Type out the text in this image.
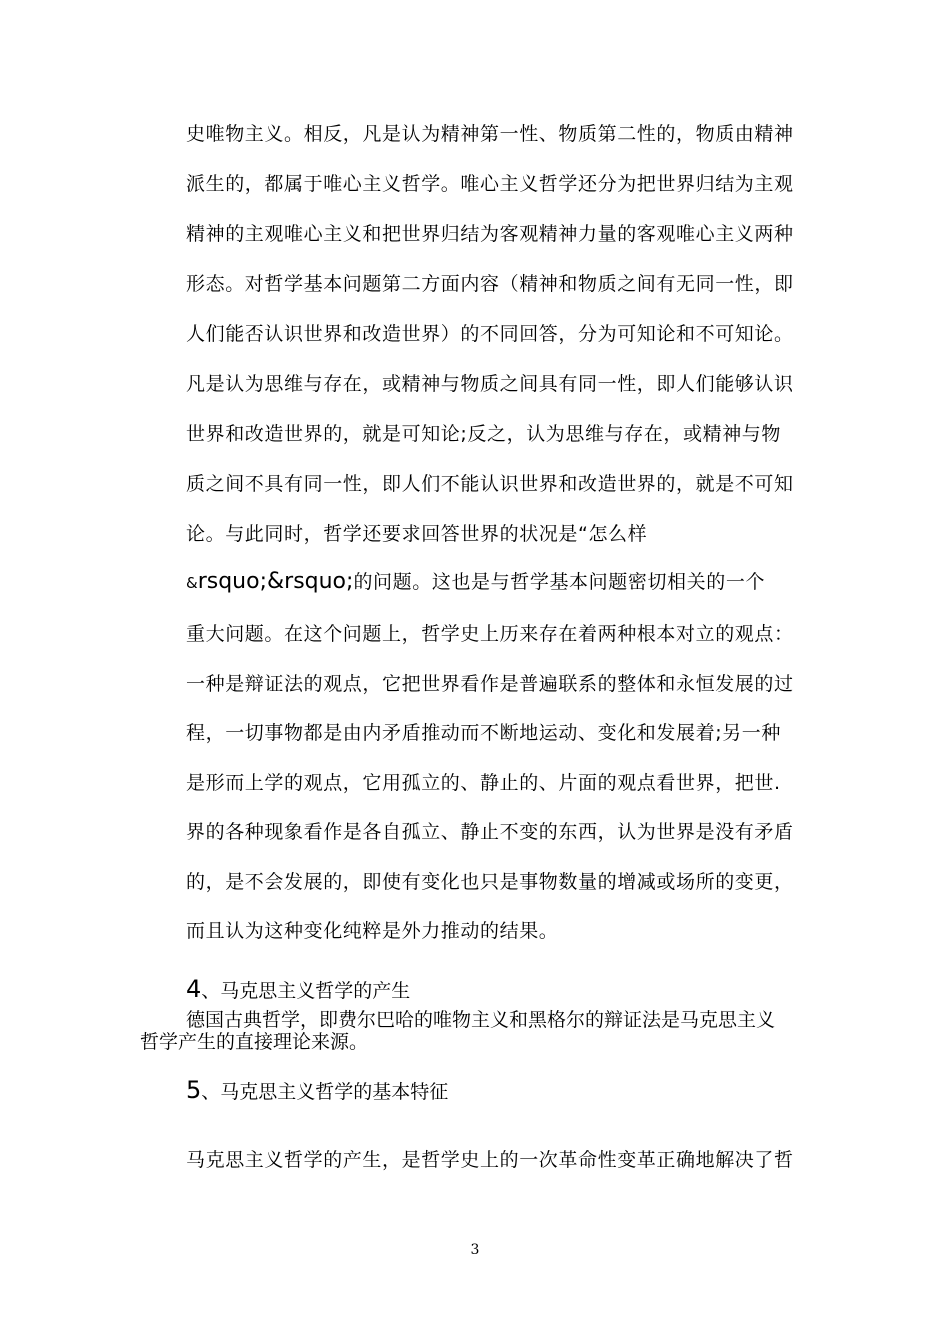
史唯物主义。相反，凡是认为精神第一性、物质第二性的，物质由精神
派生的，都属于唯心主义哲学。唯心主义哲学还分为把世界归结为主观
精神的主观唯心主义和把世界归结为客观精神力量的客观唯心主义两种
形态。对哲学基本问题第二方面内容（精神和物质之间有无同一性，即
人们能否认识世界和改造世界）的不同回答，分为可知论和不可知论。
凡是认为思维与存在，或精神与物质之间具有同一性，即人们能够认识
世界和改造世界的，就是可知论;反之，认为思维与存在，或精神与物
质之间不具有同一性，即人们不能认识世界和改造世界的，就是不可知
论。与此同时，哲学还要求回答世界的状况是“怎么样
&rsquo;&rsquo;的问题。这也是与哲学基本问题密切相关的一个
重大问题。在这个问题上，哲学史上历来存在着两种根本对立的观点：
一种是辩证法的观点，它把世界看作是普遍联系的整体和永恒发展的过
程，一切事物都是由内矛盾推动而不断地运动、变化和发展着;另一种
是形而上学的观点，它用孤立的、静止的、片面的观点看世界，把世.
界的各种现象看作是各自孤立、静止不变的东西，认为世界是没有矛盾
的，是不会发展的，即使有变化也只是事物数量的增减或场所的变更，
而且认为这种变化纯粹是外力推动的结果。
4、马克思主义哲学的产生
德国古典哲学，即费尔巴哈的唯物主义和黑格尔的辩证法是马克思主义
哲学产生的直接理论来源。
5、马克思主义哲学的基本特征
马克思主义哲学的产生，是哲学史上的一次革命性变革正确地解决了哲
3
